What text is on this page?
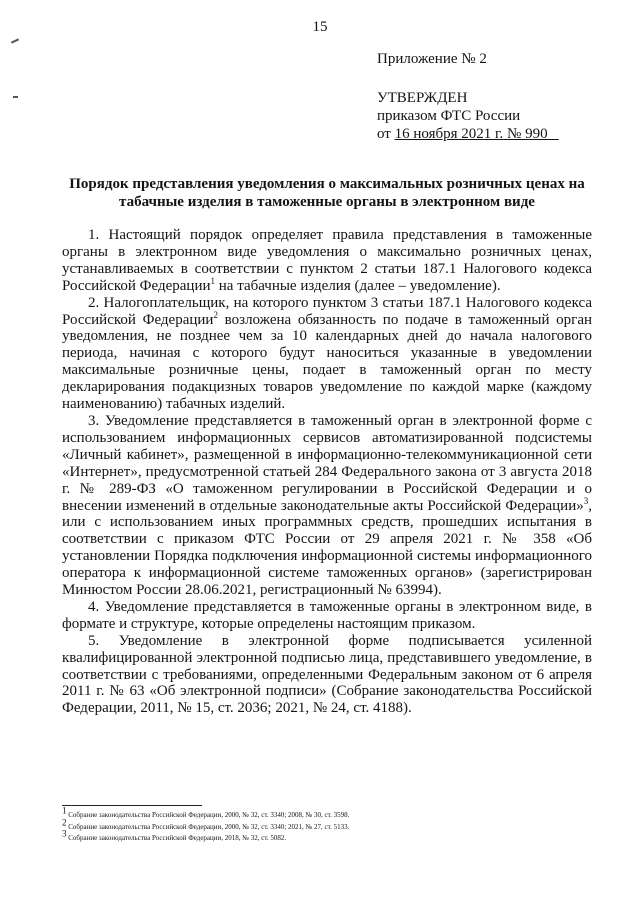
15
Приложение № 2
УТВЕРЖДЕН
приказом ФТС России
от 16 ноября 2021 г. № 990
Порядок представления уведомления о максимальных розничных ценах на табачные изделия в таможенные органы в электронном виде

1. Настоящий порядок определяет правила представления в таможенные органы в электронном виде уведомления о максимально розничных ценах, устанавливаемых в соответствии с пунктом 2 статьи 187.1 Налогового кодекса Российской Федерации$^1$ на табачные изделия (далее – уведомление).

2. Налогоплательщик, на которого пунктом 3 статьи 187.1 Налогового кодекса Российской Федерации$^2$ возложена обязанность по подаче в таможенный орган уведомления, не позднее чем за 10 календарных дней до начала налогового периода, начиная с которого будут наноситься указанные в уведомлении максимальные розничные цены, подает в таможенный орган по месту декларирования подакцизных товаров уведомление по каждой марке (каждому наименованию) табачных изделий.

3. Уведомление представляется в таможенный орган в электронной форме с использованием информационных сервисов автоматизированной подсистемы «Личный кабинет», размещенной в информационно-телекоммуникационной сети «Интернет», предусмотренной статьей 284 Федерального закона от 3 августа 2018 г. № 289-ФЗ «О таможенном регулировании в Российской Федерации и о внесении изменений в отдельные законодательные акты Российской Федерации»$^3$, или с использованием иных программных средств, прошедших испытания в соответствии с приказом ФТС России от 29 апреля 2021 г. № 358 «Об установлении Порядка подключения информационной системы информационного оператора к информационной системе таможенных органов» (зарегистрирован Минюстом России 28.06.2021, регистрационный № 63994).

4. Уведомление представляется в таможенные органы в электронном виде, в формате и структуре, которые определены настоящим приказом.

5. Уведомление в электронной форме подписывается усиленной квалифицированной электронной подписью лица, представившего уведомление, в соответствии с требованиями, определенными Федеральным законом от 6 апреля 2011 г. № 63 «Об электронной подписи» (Собрание законодательства Российской Федерации, 2011, № 15, ст. 2036; 2021, № 24, ст. 4188).

$^1$ Собрание законодательства Российской Федерации, 2000, № 32, ст. 3340; 2008, № 30, ст. 3598.
$^2$ Собрание законодательства Российской Федерации, 2000, № 32, ст. 3340; 2021, № 27, ст. 5133.
$^3$ Собрание законодательства Российской Федерации, 2018, № 32, ст. 5082.
